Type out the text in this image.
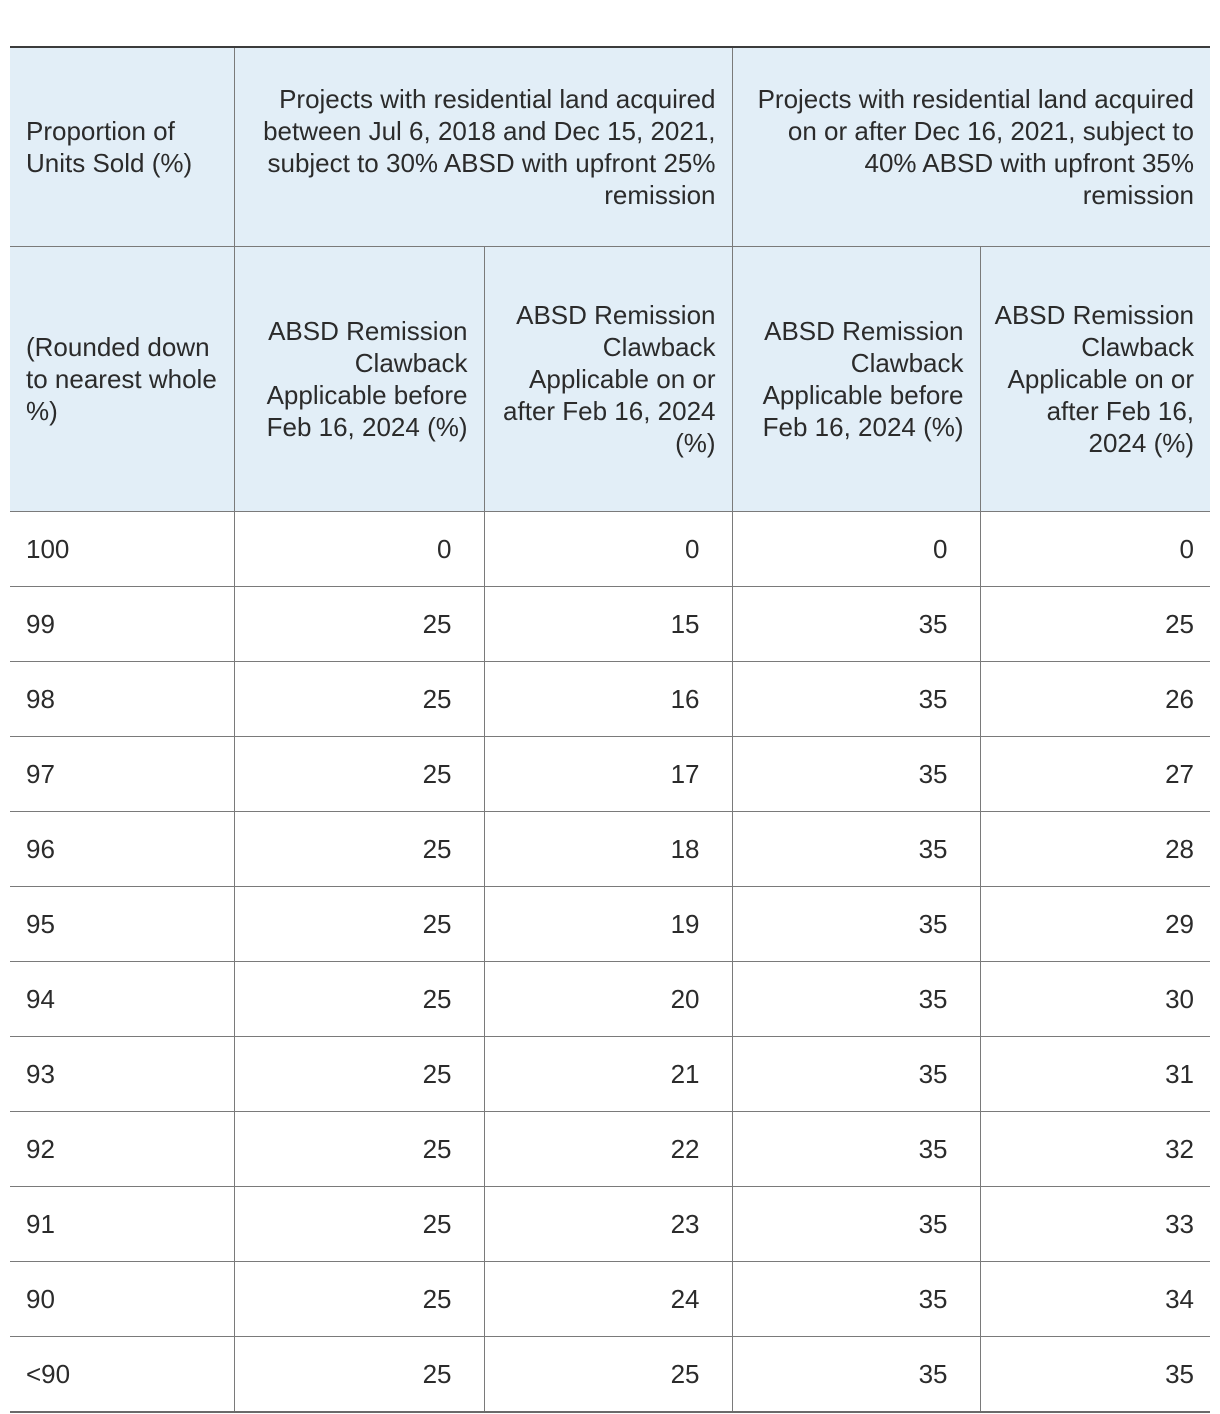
Proportion of Units Sold (%)	Projects with residential land acquired between Jul 6, 2018 and Dec 15, 2021, subject to 30% ABSD with upfront 25% remission		Projects with residential land acquired on or after Dec 16, 2021, subject to 40% ABSD with upfront 35% remission	
(Rounded down to nearest whole %)	ABSD Remission Clawback Applicable before Feb 16, 2024 (%)	ABSD Remission Clawback Applicable on or after Feb 16, 2024 (%)	ABSD Remission Clawback Applicable before Feb 16, 2024 (%)	ABSD Remission Clawback Applicable on or after Feb 16, 2024 (%)
100	0	0	0	0
99	25	15	35	25
98	25	16	35	26
97	25	17	35	27
96	25	18	35	28
95	25	19	35	29
94	25	20	35	30
93	25	21	35	31
92	25	22	35	32
91	25	23	35	33
90	25	24	35	34
<90	25	25	35	35
